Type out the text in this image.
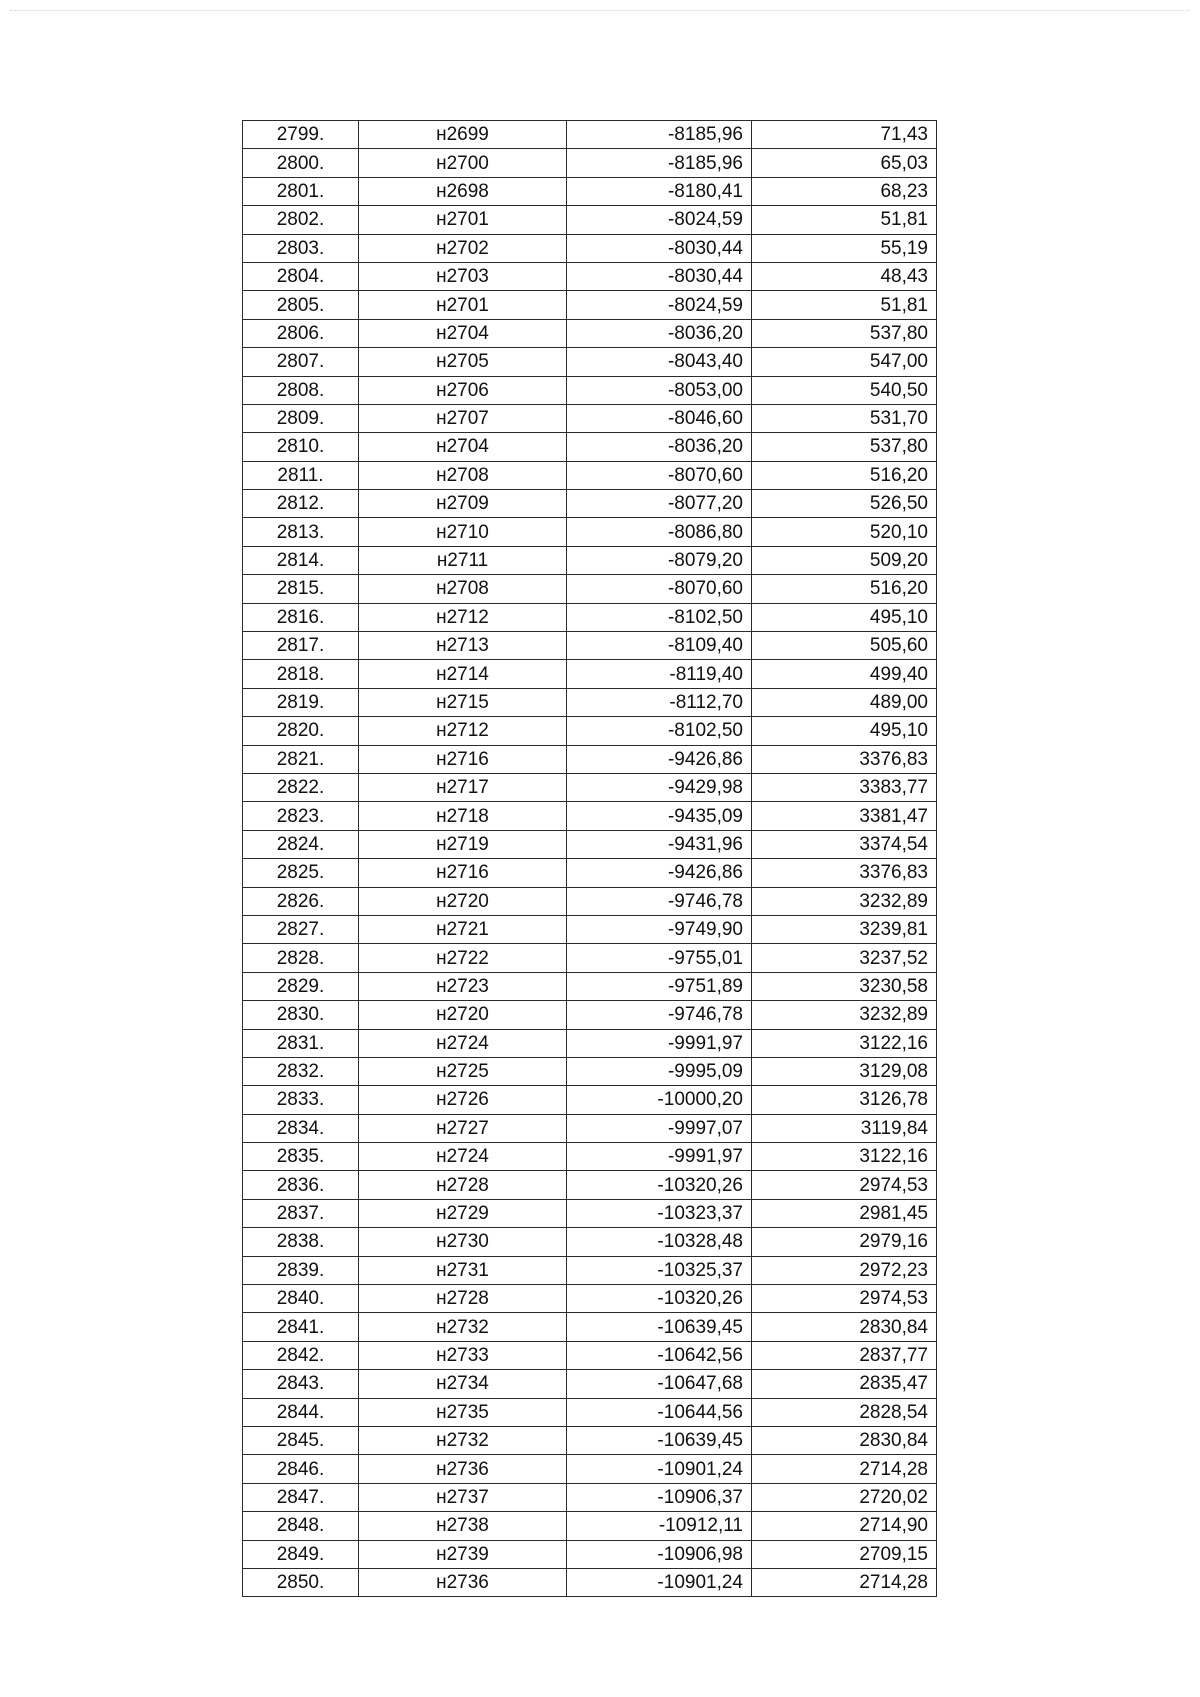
2799.	н2699	-8185,96	71,43
2800.	н2700	-8185,96	65,03
2801.	н2698	-8180,41	68,23
2802.	н2701	-8024,59	51,81
2803.	н2702	-8030,44	55,19
2804.	н2703	-8030,44	48,43
2805.	н2701	-8024,59	51,81
2806.	н2704	-8036,20	537,80
2807.	н2705	-8043,40	547,00
2808.	н2706	-8053,00	540,50
2809.	н2707	-8046,60	531,70
2810.	н2704	-8036,20	537,80
2811.	н2708	-8070,60	516,20
2812.	н2709	-8077,20	526,50
2813.	н2710	-8086,80	520,10
2814.	н2711	-8079,20	509,20
2815.	н2708	-8070,60	516,20
2816.	н2712	-8102,50	495,10
2817.	н2713	-8109,40	505,60
2818.	н2714	-8119,40	499,40
2819.	н2715	-8112,70	489,00
2820.	н2712	-8102,50	495,10
2821.	н2716	-9426,86	3376,83
2822.	н2717	-9429,98	3383,77
2823.	н2718	-9435,09	3381,47
2824.	н2719	-9431,96	3374,54
2825.	н2716	-9426,86	3376,83
2826.	н2720	-9746,78	3232,89
2827.	н2721	-9749,90	3239,81
2828.	н2722	-9755,01	3237,52
2829.	н2723	-9751,89	3230,58
2830.	н2720	-9746,78	3232,89
2831.	н2724	-9991,97	3122,16
2832.	н2725	-9995,09	3129,08
2833.	н2726	-10000,20	3126,78
2834.	н2727	-9997,07	3119,84
2835.	н2724	-9991,97	3122,16
2836.	н2728	-10320,26	2974,53
2837.	н2729	-10323,37	2981,45
2838.	н2730	-10328,48	2979,16
2839.	н2731	-10325,37	2972,23
2840.	н2728	-10320,26	2974,53
2841.	н2732	-10639,45	2830,84
2842.	н2733	-10642,56	2837,77
2843.	н2734	-10647,68	2835,47
2844.	н2735	-10644,56	2828,54
2845.	н2732	-10639,45	2830,84
2846.	н2736	-10901,24	2714,28
2847.	н2737	-10906,37	2720,02
2848.	н2738	-10912,11	2714,90
2849.	н2739	-10906,98	2709,15
2850.	н2736	-10901,24	2714,28
